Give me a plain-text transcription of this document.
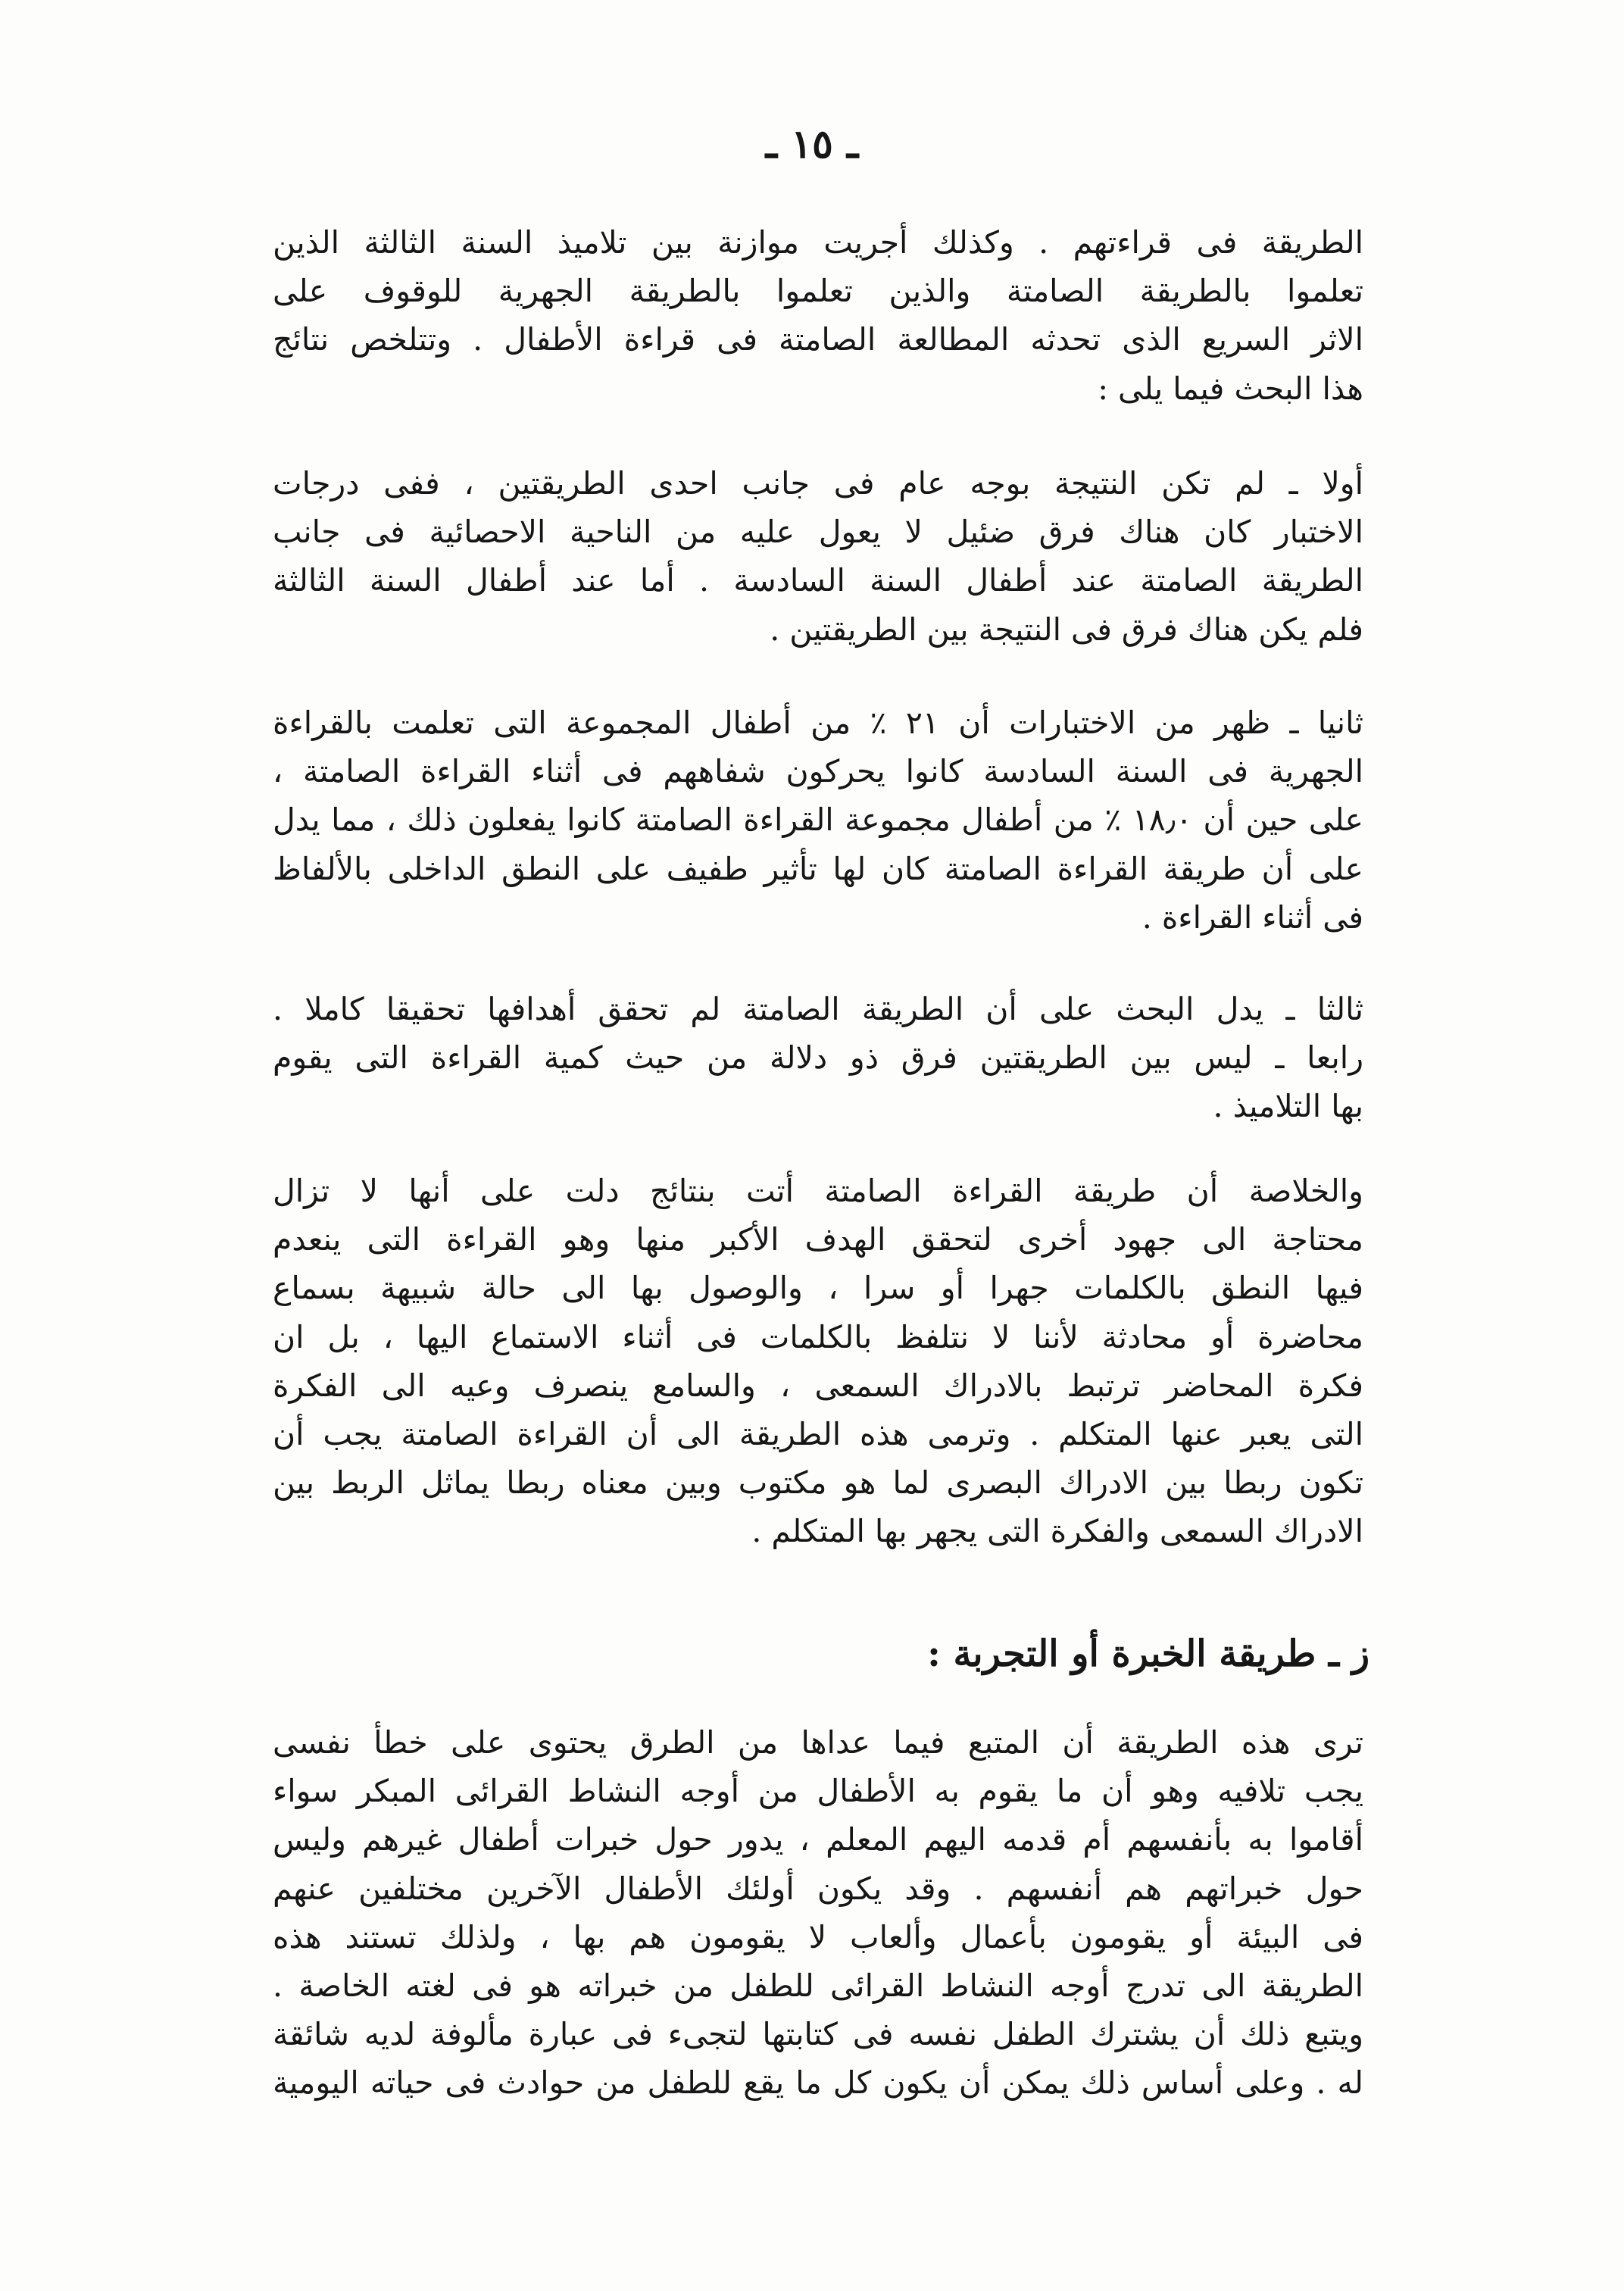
ـ ١٥ ـ
الطريقة فى قراءتهم . وكذلك أجريت موازنة بين تلاميذ السنة الثالثة الذين
تعلموا بالطريقة الصامتة والذين تعلموا بالطريقة الجهرية للوقوف على
الاثر السريع الذى تحدثه المطالعة الصامتة فى قراءة الأطفال . وتتلخص نتائج
هذا البحث فيما يلى :
أولا ـ لم تكن النتيجة بوجه عام فى جانب احدى الطريقتين ، ففى درجات
الاختبار كان هناك فرق ضئيل لا يعول عليه من الناحية الاحصائية فى جانب
الطريقة الصامتة عند أطفال السنة السادسة . أما عند أطفال السنة الثالثة
فلم يكن هناك فرق فى النتيجة بين الطريقتين .
ثانيا ـ ظهر من الاختبارات أن ٢١ ٪ من أطفال المجموعة التى تعلمت بالقراءة
الجهرية فى السنة السادسة كانوا يحركون شفاههم فى أثناء القراءة الصامتة ،
على حين أن ١٨٫٠ ٪ من أطفال مجموعة القراءة الصامتة كانوا يفعلون ذلك ، مما يدل
على أن طريقة القراءة الصامتة كان لها تأثير طفيف على النطق الداخلى بالألفاظ
فى أثناء القراءة .
ثالثا ـ يدل البحث على أن الطريقة الصامتة لم تحقق أهدافها تحقيقا كاملا .
رابعا ـ ليس بين الطريقتين فرق ذو دلالة من حيث كمية القراءة التى يقوم
بها التلاميذ .
والخلاصة أن طريقة القراءة الصامتة أتت بنتائج دلت على أنها لا تزال
محتاجة الى جهود أخرى لتحقق الهدف الأكبر منها وهو القراءة التى ينعدم
فيها النطق بالكلمات جهرا أو سرا ، والوصول بها الى حالة شبيهة بسماع
محاضرة أو محادثة لأننا لا نتلفظ بالكلمات فى أثناء الاستماع اليها ، بل ان
فكرة المحاضر ترتبط بالادراك السمعى ، والسامع ينصرف وعيه الى الفكرة
التى يعبر عنها المتكلم . وترمى هذه الطريقة الى أن القراءة الصامتة يجب أن
تكون ربطا بين الادراك البصرى لما هو مكتوب وبين معناه ربطا يماثل الربط بين
الادراك السمعى والفكرة التى يجهر بها المتكلم .
ز ـ طريقة الخبرة أو التجربة :
ترى هذه الطريقة أن المتبع فيما عداها من الطرق يحتوى على خطأ نفسى
يجب تلافيه وهو أن ما يقوم به الأطفال من أوجه النشاط القرائى المبكر سواء
أقاموا به بأنفسهم أم قدمه اليهم المعلم ، يدور حول خبرات أطفال غيرهم وليس
حول خبراتهم هم أنفسهم . وقد يكون أولئك الأطفال الآخرين مختلفين عنهم
فى البيئة أو يقومون بأعمال وألعاب لا يقومون هم بها ، ولذلك تستند هذه
الطريقة الى تدرج أوجه النشاط القرائى للطفل من خبراته هو فى لغته الخاصة .
ويتبع ذلك أن يشترك الطفل نفسه فى كتابتها لتجىء فى عبارة مألوفة لديه شائقة
له . وعلى أساس ذلك يمكن أن يكون كل ما يقع للطفل من حوادث فى حياته اليومية
